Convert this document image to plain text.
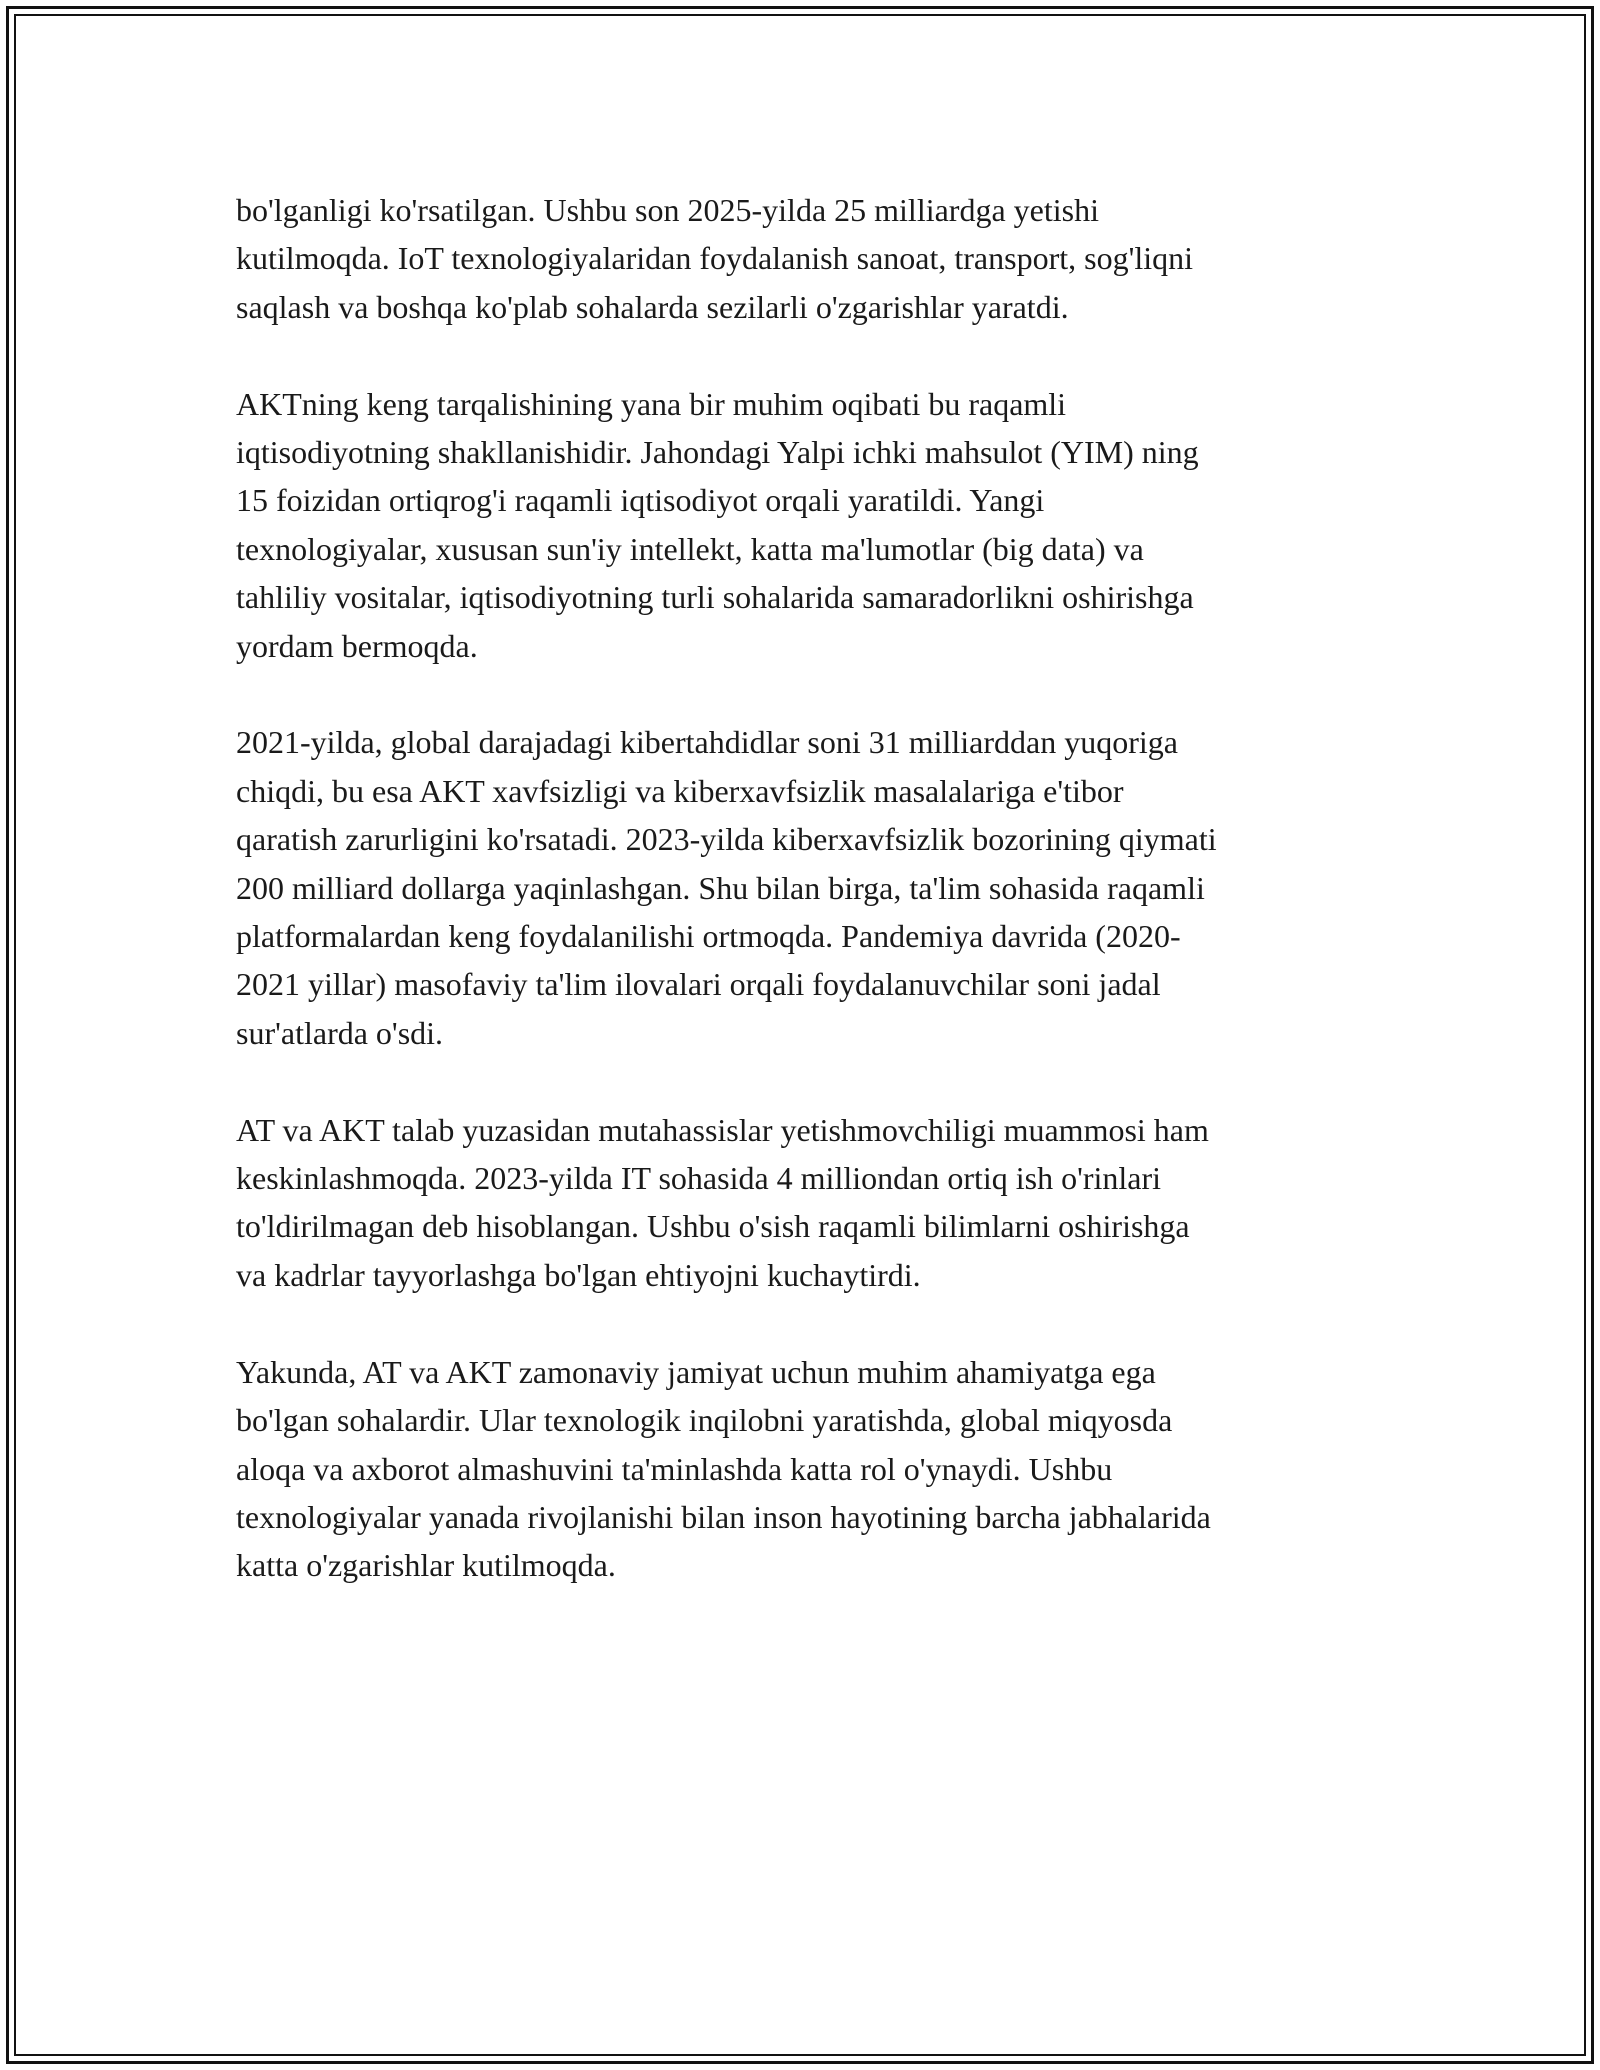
bo'lganligi ko'rsatilgan. Ushbu son 2025-yilda 25 milliardga yetishi
kutilmoqda. IoT texnologiyalaridan foydalanish sanoat, transport, sog'liqni
saqlash va boshqa ko'plab sohalarda sezilarli o'zgarishlar yaratdi.

AKTning keng tarqalishining yana bir muhim oqibati bu raqamli
iqtisodiyotning shakllanishidir. Jahondagi Yalpi ichki mahsulot (YIM) ning
15 foizidan ortiqrog'i raqamli iqtisodiyot orqali yaratildi. Yangi
texnologiyalar, xususan sun'iy intellekt, katta ma'lumotlar (big data) va
tahliliy vositalar, iqtisodiyotning turli sohalarida samaradorlikni oshirishga
yordam bermoqda.

2021-yilda, global darajadagi kibertahdidlar soni 31 milliarddan yuqoriga
chiqdi, bu esa AKT xavfsizligi va kiberxavfsizlik masalalariga e'tibor
qaratish zarurligini ko'rsatadi. 2023-yilda kiberxavfsizlik bozorining qiymati
200 milliard dollarga yaqinlashgan. Shu bilan birga, ta'lim sohasida raqamli
platformalardan keng foydalanilishi ortmoqda. Pandemiya davrida (2020-
2021 yillar) masofaviy ta'lim ilovalari orqali foydalanuvchilar soni jadal
sur'atlarda o'sdi.

AT va AKT talab yuzasidan mutahassislar yetishmovchiligi muammosi ham
keskinlashmoqda. 2023-yilda IT sohasida 4 milliondan ortiq ish o'rinlari
to'ldirilmagan deb hisoblangan. Ushbu o'sish raqamli bilimlarni oshirishga
va kadrlar tayyorlashga bo'lgan ehtiyojni kuchaytirdi.

Yakunda, AT va AKT zamonaviy jamiyat uchun muhim ahamiyatga ega
bo'lgan sohalardir. Ular texnologik inqilobni yaratishda, global miqyosda
aloqa va axborot almashuvini ta'minlashda katta rol o'ynaydi. Ushbu
texnologiyalar yanada rivojlanishi bilan inson hayotining barcha jabhalarida
katta o'zgarishlar kutilmoqda.
